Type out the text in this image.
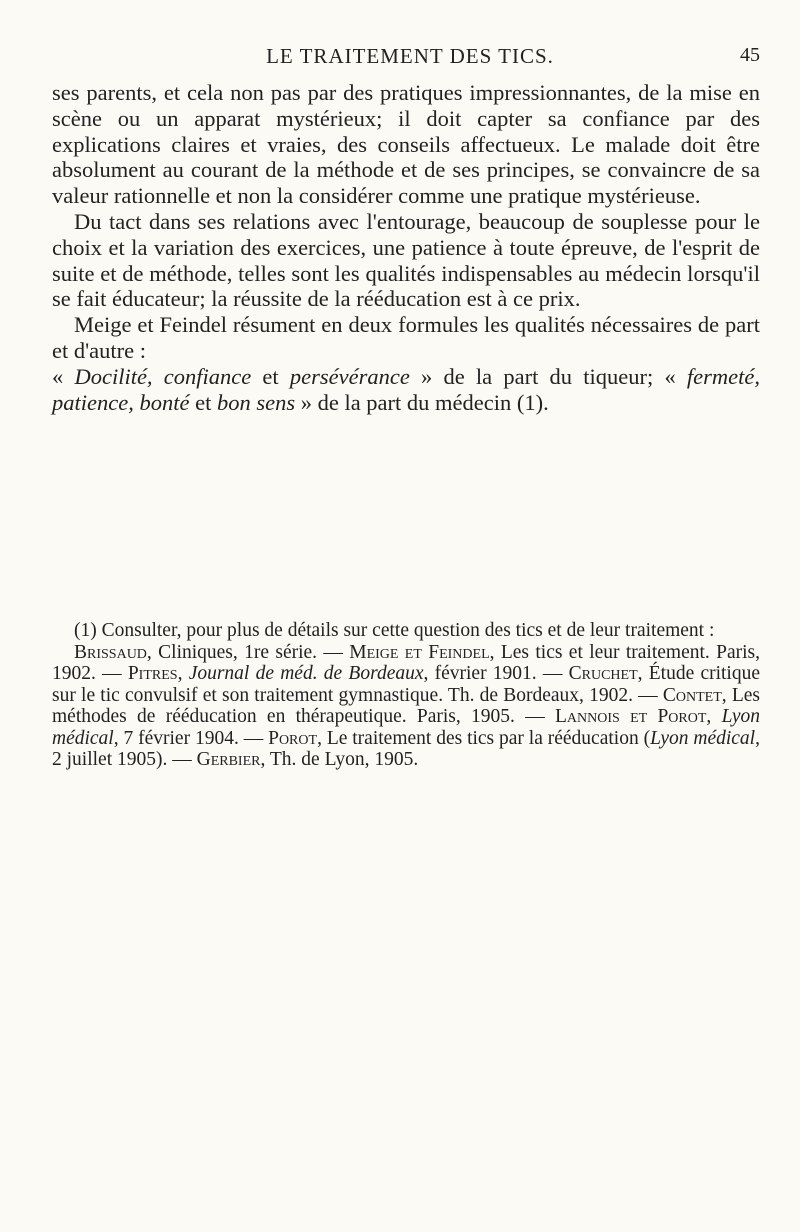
LE TRAITEMENT DES TICS.	45

ses parents, et cela non pas par des pratiques impressionnantes, de la mise en scène ou un apparat mystérieux; il doit capter sa confiance par des explications claires et vraies, des conseils affectueux. Le malade doit être absolument au courant de la méthode et de ses principes, se convaincre de sa valeur rationnelle et non la considérer comme une pratique mystérieuse.

Du tact dans ses relations avec l'entourage, beaucoup de souplesse pour le choix et la variation des exercices, une patience à toute épreuve, de l'esprit de suite et de méthode, telles sont les qualités indispensables au médecin lorsqu'il se fait éducateur; la réussite de la rééducation est à ce prix.

Meige et Feindel résument en deux formules les qualités nécessaires de part et d'autre :
« Docilité, confiance et persévérance » de la part du tiqueur; « fermeté, patience, bonté et bon sens » de la part du médecin (1).

(1) Consulter, pour plus de détails sur cette question des tics et de leur traitement :

Brissaud, Cliniques, 1re série. — Meige et Feindel, Les tics et leur traitement. Paris, 1902. — Pitres, Journal de méd. de Bordeaux, février 1901. — Cruchet, Étude critique sur le tic convulsif et son traitement gymnastique. Th. de Bordeaux, 1902. — Contet, Les méthodes de rééducation en thérapeutique. Paris, 1905. — Lannois et Porot, Lyon médical, 7 février 1904. — Porot, Le traitement des tics par la rééducation (Lyon médical, 2 juillet 1905). — Gerbier, Th. de Lyon, 1905.
